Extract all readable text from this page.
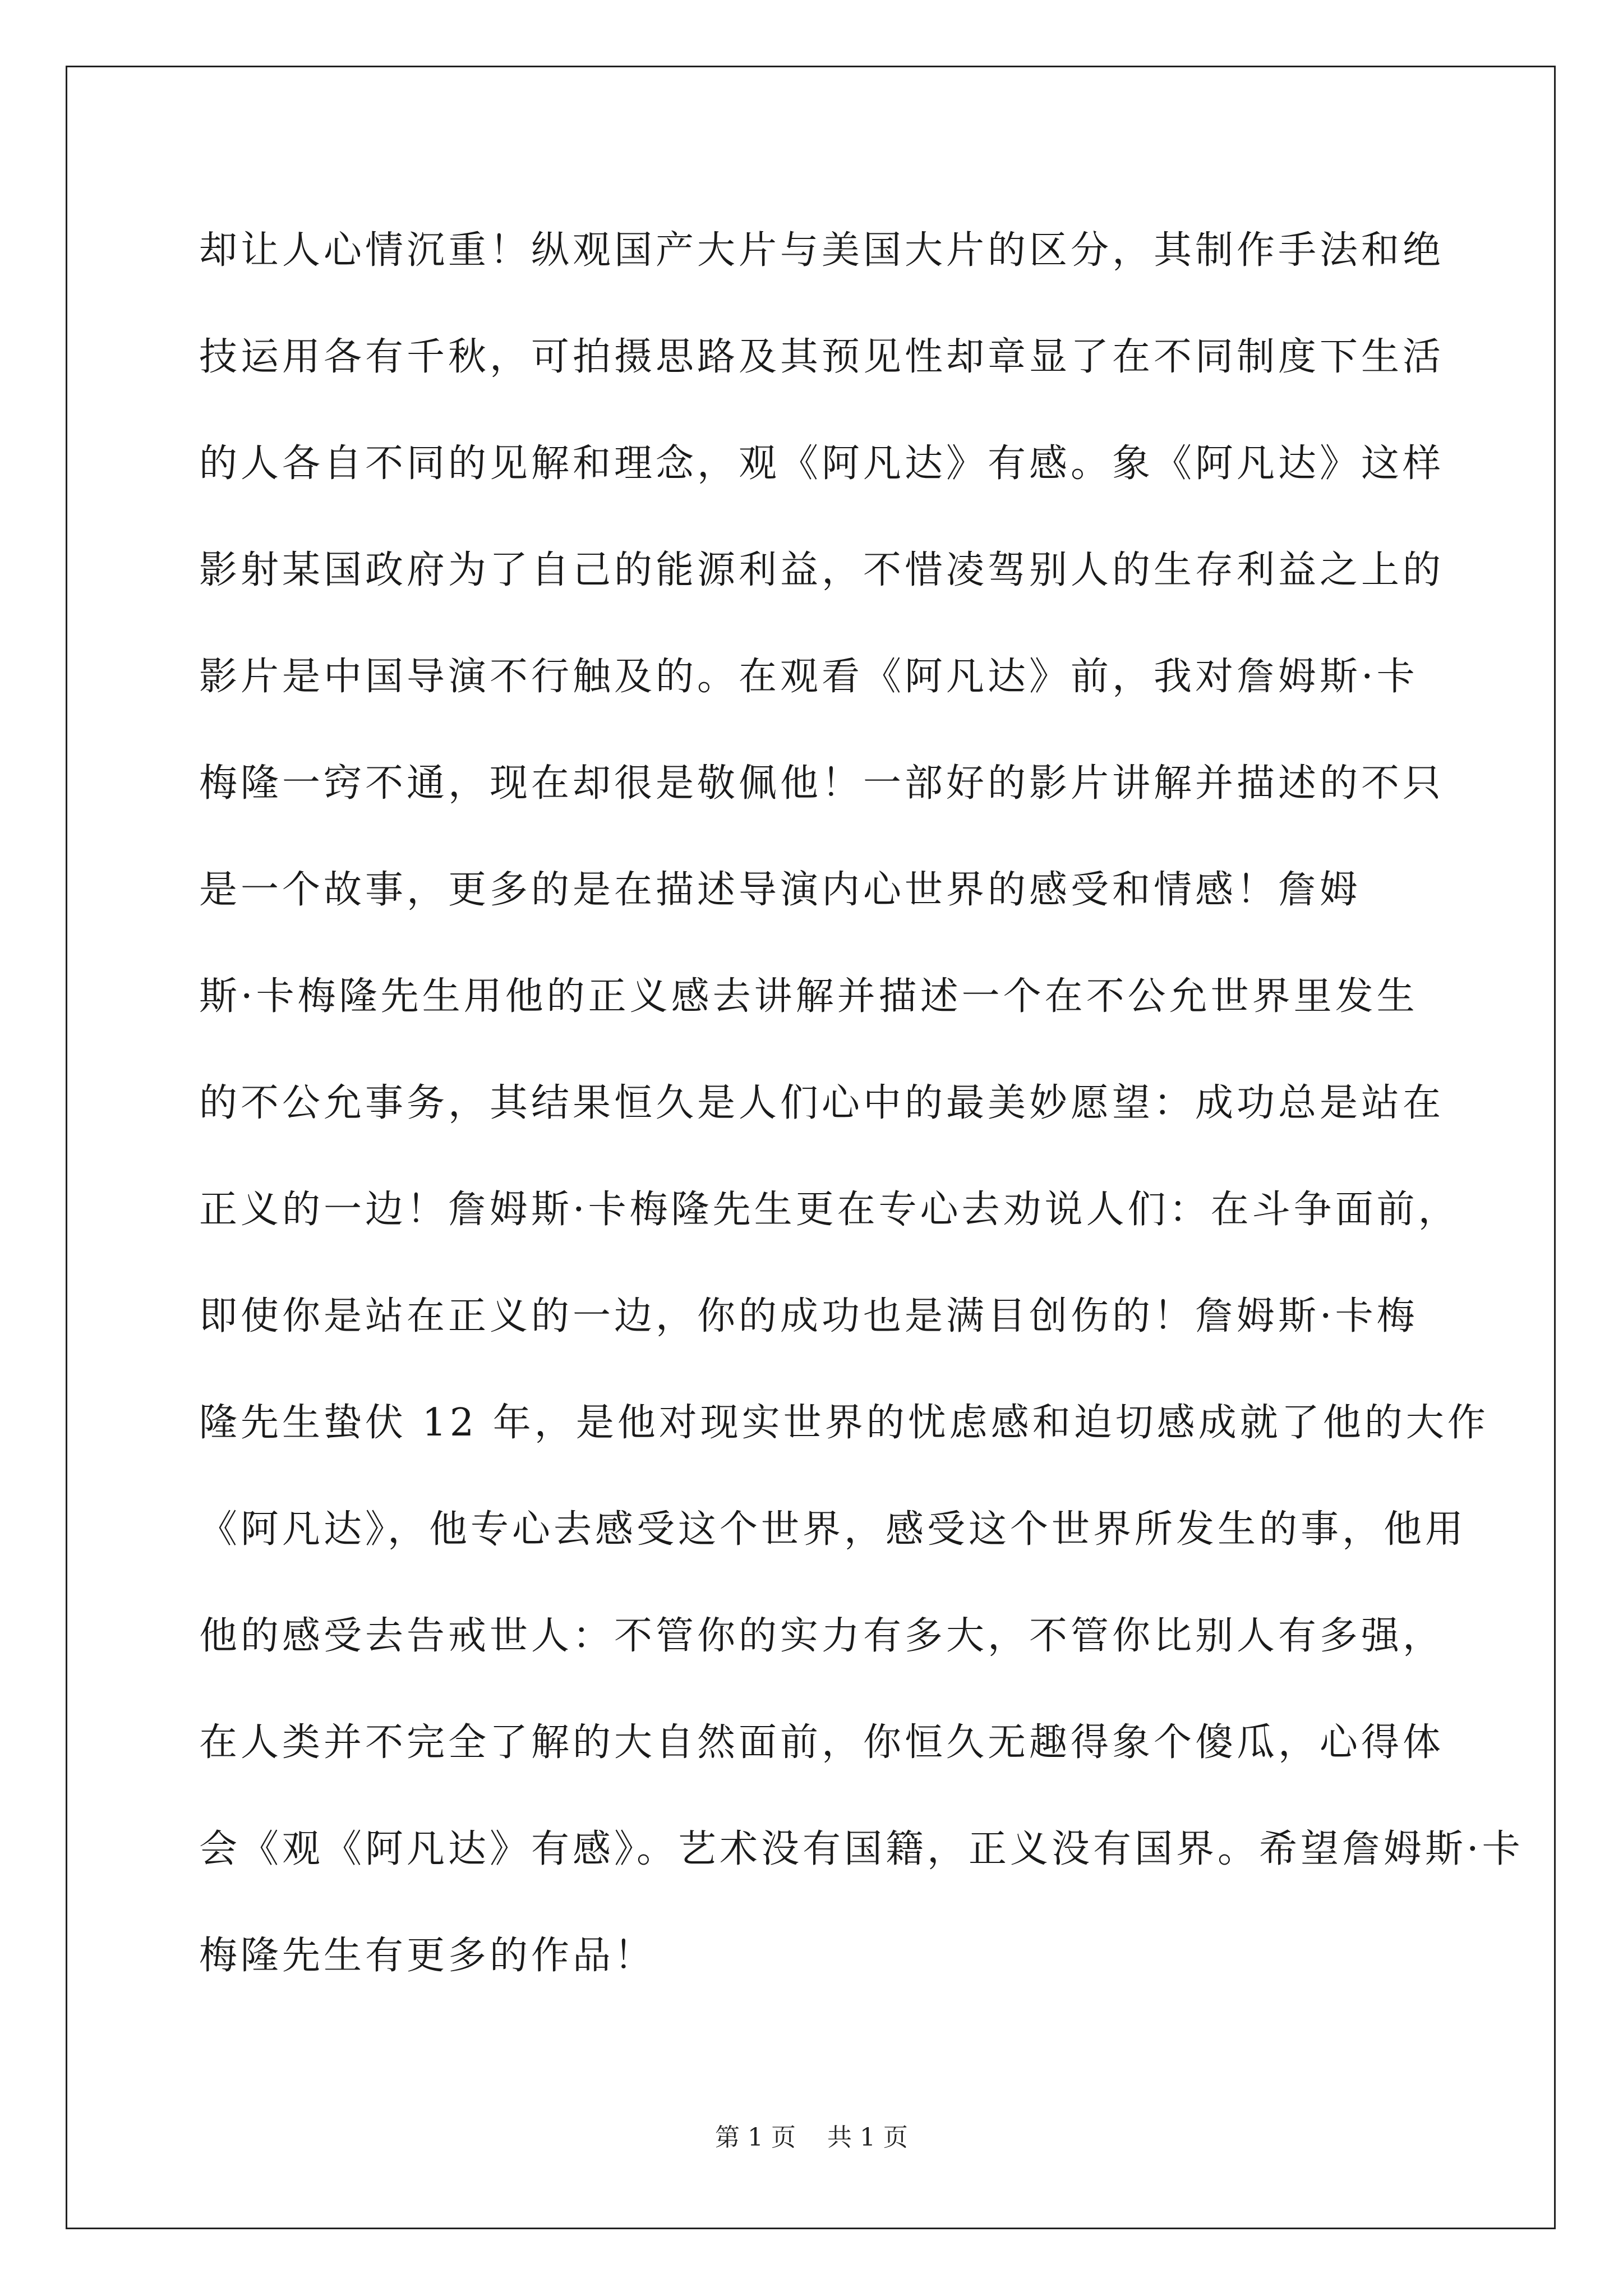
却让人心情沉重！纵观国产大片与美国大片的区分，其制作手法和绝
技运用各有千秋，可拍摄思路及其预见性却章显了在不同制度下生活
的人各自不同的见解和理念，观《阿凡达》有感。象《阿凡达》这样
影射某国政府为了自己的能源利益，不惜凌驾别人的生存利益之上的
影片是中国导演不行触及的。在观看《阿凡达》前，我对詹姆斯·卡
梅隆一窍不通，现在却很是敬佩他！一部好的影片讲解并描述的不只
是一个故事，更多的是在描述导演内心世界的感受和情感！詹姆
斯·卡梅隆先生用他的正义感去讲解并描述一个在不公允世界里发生
的不公允事务，其结果恒久是人们心中的最美妙愿望：成功总是站在
正义的一边！詹姆斯·卡梅隆先生更在专心去劝说人们：在斗争面前，
即使你是站在正义的一边，你的成功也是满目创伤的！詹姆斯·卡梅
隆先生蛰伏 12 年，是他对现实世界的忧虑感和迫切感成就了他的大作
《阿凡达》，他专心去感受这个世界，感受这个世界所发生的事，他用
他的感受去告戒世人：不管你的实力有多大，不管你比别人有多强，
在人类并不完全了解的大自然面前，你恒久无趣得象个傻瓜，心得体
会《观《阿凡达》有感》。艺术没有国籍，正义没有国界。希望詹姆斯·卡
梅隆先生有更多的作品！
第 1 页 共 1 页
